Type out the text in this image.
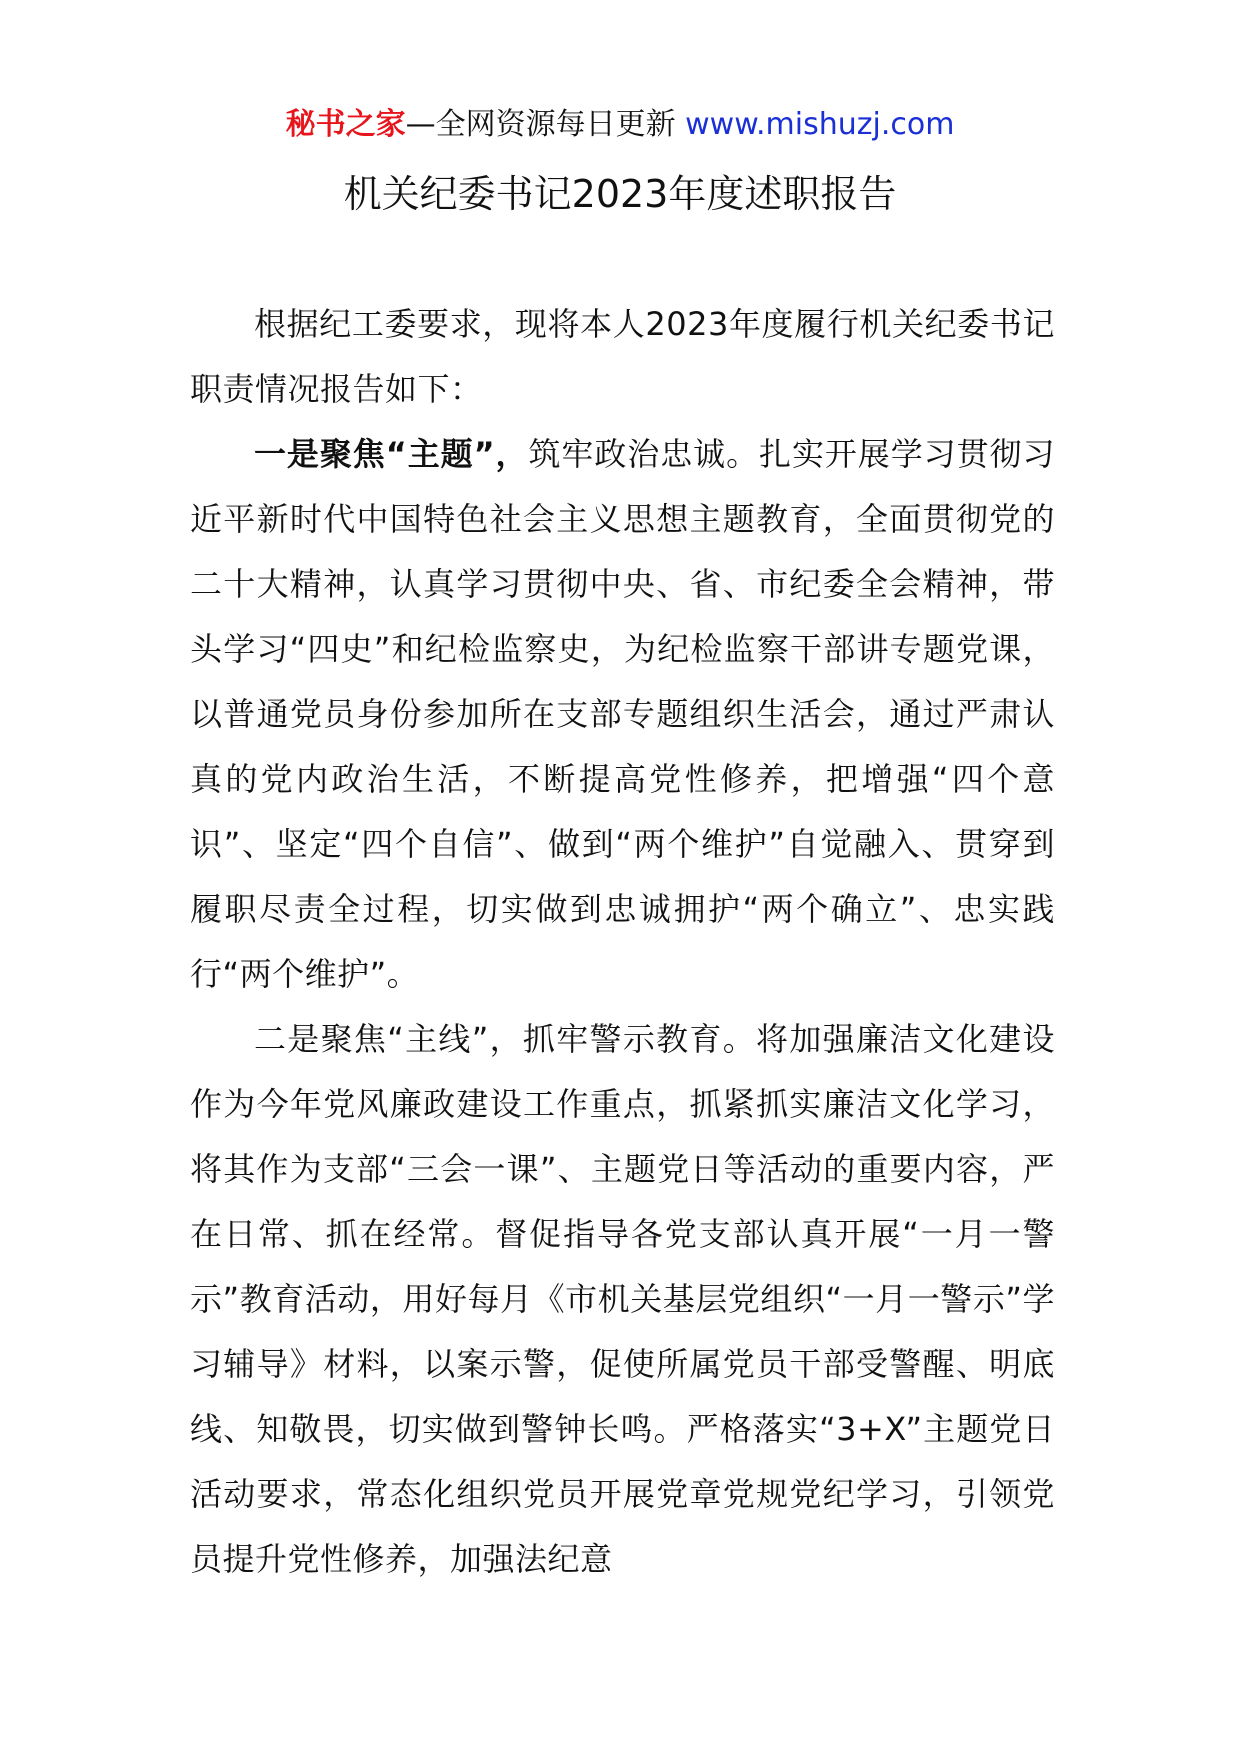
秘书之家—全网资源每日更新 www.mishuzj.com
机关纪委书记2023年度述职报告

根据纪工委要求，现将本人2023年度履行机关纪委书记职责情况报告如下：

一是聚焦“主题”，筑牢政治忠诚。扎实开展学习贯彻习近平新时代中国特色社会主义思想主题教育，全面贯彻党的二十大精神，认真学习贯彻中央、省、市纪委全会精神，带头学习“四史”和纪检监察史，为纪检监察干部讲专题党课，以普通党员身份参加所在支部专题组织生活会，通过严肃认真的党内政治生活，不断提高党性修养，把增强“四个意识”、坚定“四个自信”、做到“两个维护”自觉融入、贯穿到履职尽责全过程，切实做到忠诚拥护“两个确立”、忠实践行“两个维护”。

二是聚焦“主线”，抓牢警示教育。将加强廉洁文化建设作为今年党风廉政建设工作重点，抓紧抓实廉洁文化学习，将其作为支部“三会一课”、主题党日等活动的重要内容，严在日常、抓在经常。督促指导各党支部认真开展“一月一警示”教育活动，用好每月《市机关基层党组织“一月一警示”学习辅导》材料，以案示警，促使所属党员干部受警醒、明底线、知敬畏，切实做到警钟长鸣。严格落实“3+X”主题党日活动要求，常态化组织党员开展党章党规党纪学习，引领党员提升党性修养，加强法纪意
